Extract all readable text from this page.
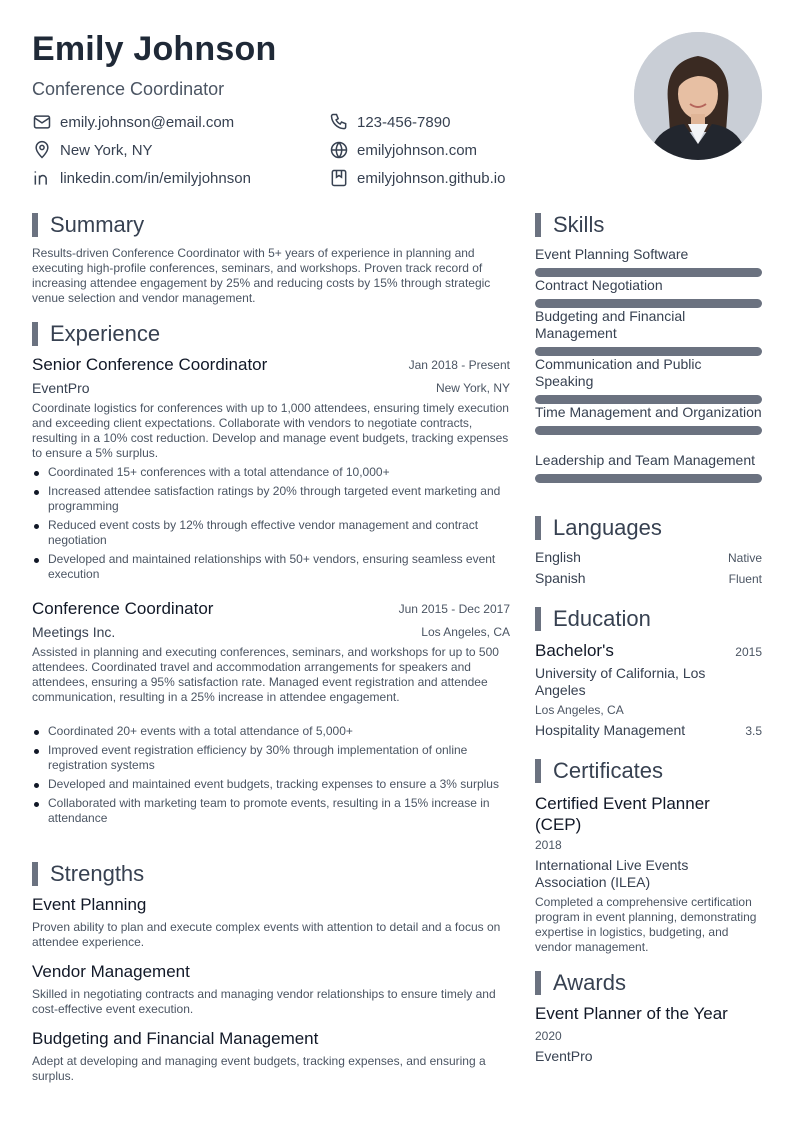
Emily Johnson
Conference Coordinator
emily.johnson@email.com	123-456-7890
New York, NY	emilyjohnson.com
linkedin.com/in/emilyjohnson	emilyjohnson.github.io
Summary
Results-driven Conference Coordinator with 5+ years of experience in planning and executing high-profile conferences, seminars, and workshops. Proven track record of increasing attendee engagement by 25% and reducing costs by 15% through strategic venue selection and vendor management.
Experience
Senior Conference Coordinator	Jan 2018 - Present
EventPro	New York, NY
Coordinate logistics for conferences with up to 1,000 attendees, ensuring timely execution and exceeding client expectations. Collaborate with vendors to negotiate contracts, resulting in a 10% cost reduction. Develop and manage event budgets, tracking expenses to ensure a 5% surplus.
Coordinated 15+ conferences with a total attendance of 10,000+
Increased attendee satisfaction ratings by 20% through targeted event marketing and programming
Reduced event costs by 12% through effective vendor management and contract negotiation
Developed and maintained relationships with 50+ vendors, ensuring seamless event execution
Conference Coordinator	Jun 2015 - Dec 2017
Meetings Inc.	Los Angeles, CA
Assisted in planning and executing conferences, seminars, and workshops for up to 500 attendees. Coordinated travel and accommodation arrangements for speakers and attendees, ensuring a 95% satisfaction rate. Managed event registration and attendee communication, resulting in a 25% increase in attendee engagement.
Coordinated 20+ events with a total attendance of 5,000+
Improved event registration efficiency by 30% through implementation of online registration systems
Developed and maintained event budgets, tracking expenses to ensure a 3% surplus
Collaborated with marketing team to promote events, resulting in a 15% increase in attendance
Strengths
Event Planning
Proven ability to plan and execute complex events with attention to detail and a focus on attendee experience.
Vendor Management
Skilled in negotiating contracts and managing vendor relationships to ensure timely and cost-effective event execution.
Budgeting and Financial Management
Adept at developing and managing event budgets, tracking expenses, and ensuring a surplus.
Skills
Event Planning Software
Contract Negotiation
Budgeting and Financial Management
Communication and Public Speaking
Time Management and Organization
Leadership and Team Management
Languages
English	Native
Spanish	Fluent
Education
Bachelor's	2015
University of California, Los Angeles
Los Angeles, CA
Hospitality Management	3.5
Certificates
Certified Event Planner (CEP)
2018
International Live Events Association (ILEA)
Completed a comprehensive certification program in event planning, demonstrating expertise in logistics, budgeting, and vendor management.
Awards
Event Planner of the Year
2020
EventPro
